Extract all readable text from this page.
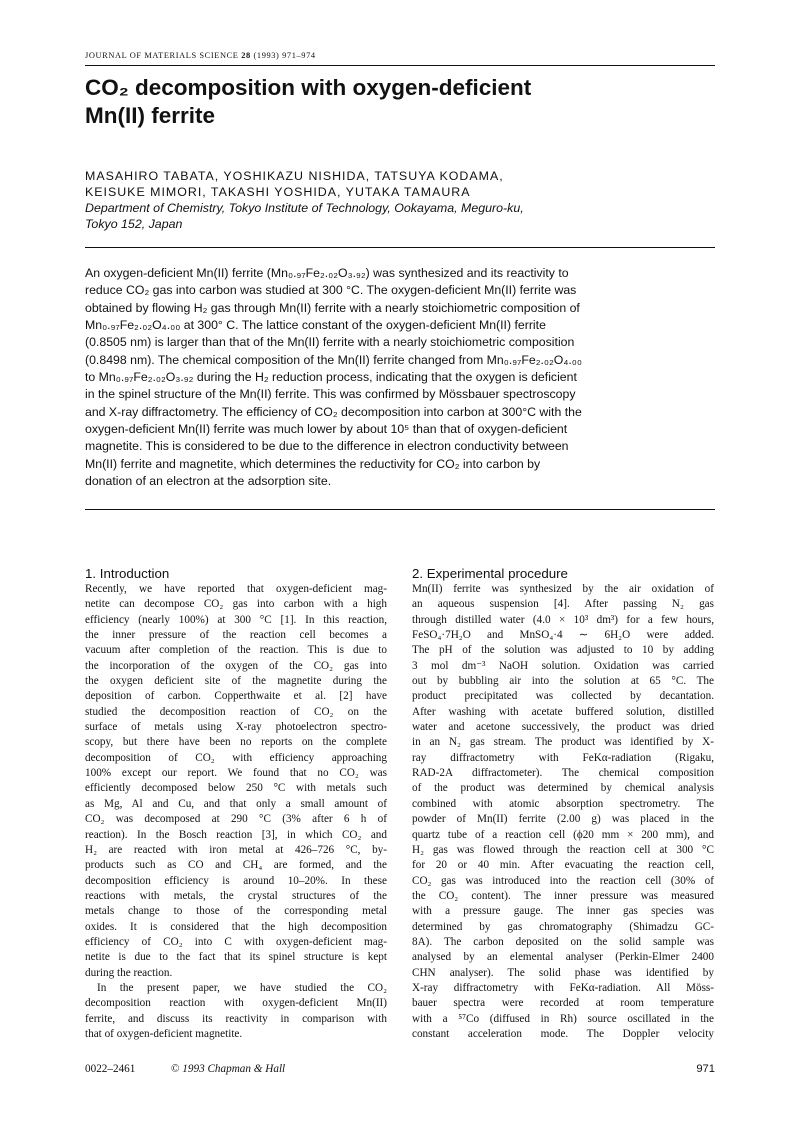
JOURNAL OF MATERIALS SCIENCE 28 (1993) 971–974
CO₂ decomposition with oxygen-deficient
Mn(II) ferrite
MASAHIRO TABATA, YOSHIKAZU NISHIDA, TATSUYA KODAMA,
KEISUKE MIMORI, TAKASHI YOSHIDA, YUTAKA TAMAURA
Department of Chemistry, Tokyo Institute of Technology, Ookayama, Meguro-ku,
Tokyo 152, Japan
An oxygen-deficient Mn(II) ferrite (Mn₀.₉₇Fe₂.₀₂O₃.₉₂) was synthesized and its reactivity to
reduce CO₂ gas into carbon was studied at 300 °C. The oxygen-deficient Mn(II) ferrite was
obtained by flowing H₂ gas through Mn(II) ferrite with a nearly stoichiometric composition of
Mn₀.₉₇Fe₂.₀₂O₄.₀₀ at 300° C. The lattice constant of the oxygen-deficient Mn(II) ferrite
(0.8505 nm) is larger than that of the Mn(II) ferrite with a nearly stoichiometric composition
(0.8498 nm). The chemical composition of the Mn(II) ferrite changed from Mn₀.₉₇Fe₂.₀₂O₄.₀₀
to Mn₀.₉₇Fe₂.₀₂O₃.₉₂ during the H₂ reduction process, indicating that the oxygen is deficient
in the spinel structure of the Mn(II) ferrite. This was confirmed by Mössbauer spectroscopy
and X-ray diffractometry. The efficiency of CO₂ decomposition into carbon at 300°C with the
oxygen-deficient Mn(II) ferrite was much lower by about 10⁵ than that of oxygen-deficient
magnetite. This is considered to be due to the difference in electron conductivity between
Mn(II) ferrite and magnetite, which determines the reductivity for CO₂ into carbon by
donation of an electron at the adsorption site.
1. Introduction
Recently, we have reported that oxygen-deficient mag-
netite can decompose CO₂ gas into carbon with a high
efficiency (nearly 100%) at 300 °C [1]. In this reaction,
the inner pressure of the reaction cell becomes a
vacuum after completion of the reaction. This is due to
the incorporation of the oxygen of the CO₂ gas into
the oxygen deficient site of the magnetite during the
deposition of carbon. Copperthwaite et al. [2] have
studied the decomposition reaction of CO₂ on the
surface of metals using X-ray photoelectron spectro-
scopy, but there have been no reports on the complete
decomposition of CO₂ with efficiency approaching
100% except our report. We found that no CO₂ was
efficiently decomposed below 250 °C with metals such
as Mg, Al and Cu, and that only a small amount of
CO₂ was decomposed at 290 °C (3% after 6 h of
reaction). In the Bosch reaction [3], in which CO₂ and
H₂ are reacted with iron metal at 426–726 °C, by-
products such as CO and CH₄ are formed, and the
decomposition efficiency is around 10–20%. In these
reactions with metals, the crystal structures of the
metals change to those of the corresponding metal
oxides. It is considered that the high decomposition
efficiency of CO₂ into C with oxygen-deficient mag-
netite is due to the fact that its spinel structure is kept
during the reaction.
In the present paper, we have studied the CO₂
decomposition reaction with oxygen-deficient Mn(II)
ferrite, and discuss its reactivity in comparison with
that of oxygen-deficient magnetite.
2. Experimental procedure
Mn(II) ferrite was synthesized by the air oxidation of
an aqueous suspension [4]. After passing N₂ gas
through distilled water (4.0 × 10³ dm³) for a few hours,
FeSO₄·7H₂O and MnSO₄·4 ∼ 6H₂O were added.
The pH of the solution was adjusted to 10 by adding
3 mol dm⁻³ NaOH solution. Oxidation was carried
out by bubbling air into the solution at 65 °C. The
product precipitated was collected by decantation.
After washing with acetate buffered solution, distilled
water and acetone successively, the product was dried
in an N₂ gas stream. The product was identified by X-
ray diffractometry with FeKα-radiation (Rigaku,
RAD-2A diffractometer). The chemical composition
of the product was determined by chemical analysis
combined with atomic absorption spectrometry. The
powder of Mn(II) ferrite (2.00 g) was placed in the
quartz tube of a reaction cell (ϕ20 mm × 200 mm), and
H₂ gas was flowed through the reaction cell at 300 °C
for 20 or 40 min. After evacuating the reaction cell,
CO₂ gas was introduced into the reaction cell (30% of
the CO₂ content). The inner pressure was measured
with a pressure gauge. The inner gas species was
determined by gas chromatography (Shimadzu GC-
8A). The carbon deposited on the solid sample was
analysed by an elemental analyser (Perkin-Elmer 2400
CHN analyser). The solid phase was identified by
X-ray diffractometry with FeKα-radiation. All Möss-
bauer spectra were recorded at room temperature
with a ⁵⁷Co (diffused in Rh) source oscillated in the
constant acceleration mode. The Doppler velocity
0022–2461	© 1993 Chapman & Hall	971
